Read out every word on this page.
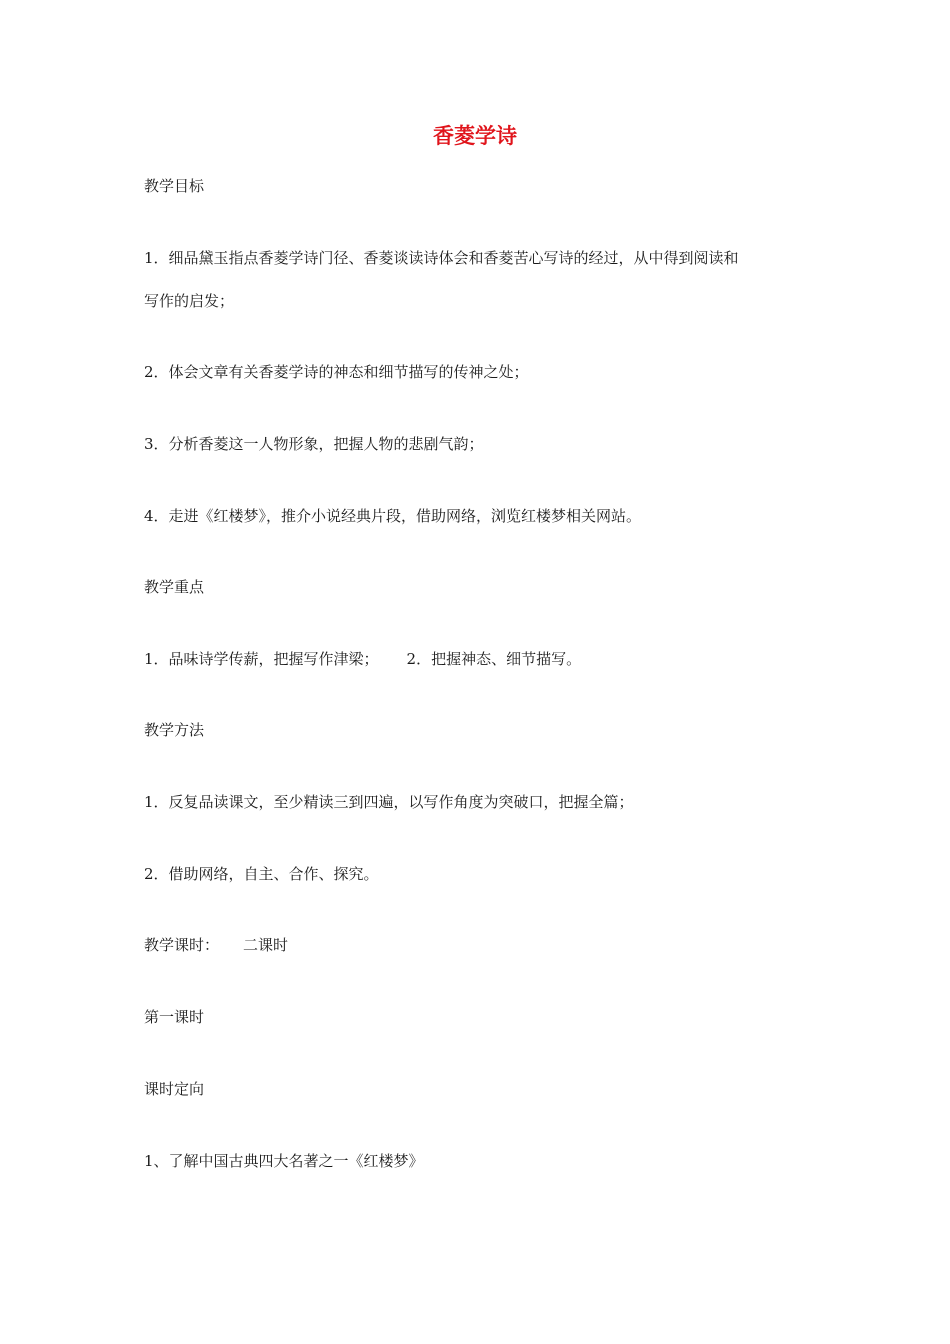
香菱学诗
教学目标
1．细品黛玉指点香菱学诗门径、香菱谈读诗体会和香菱苦心写诗的经过，从中得到阅读和
写作的启发；
2．体会文章有关香菱学诗的神态和细节描写的传神之处；
3．分析香菱这一人物形象，把握人物的悲剧气韵；
4．走进《红楼梦》，推介小说经典片段，借助网络，浏览红楼梦相关网站。
教学重点
1．品味诗学传薪，把握写作津梁； 2．把握神态、细节描写。
教学方法
1．反复品读课文，至少精读三到四遍，以写作角度为突破口，把握全篇；
2．借助网络，自主、合作、探究。
教学课时： 二课时
第一课时
课时定向
1、了解中国古典四大名著之一《红楼梦》
